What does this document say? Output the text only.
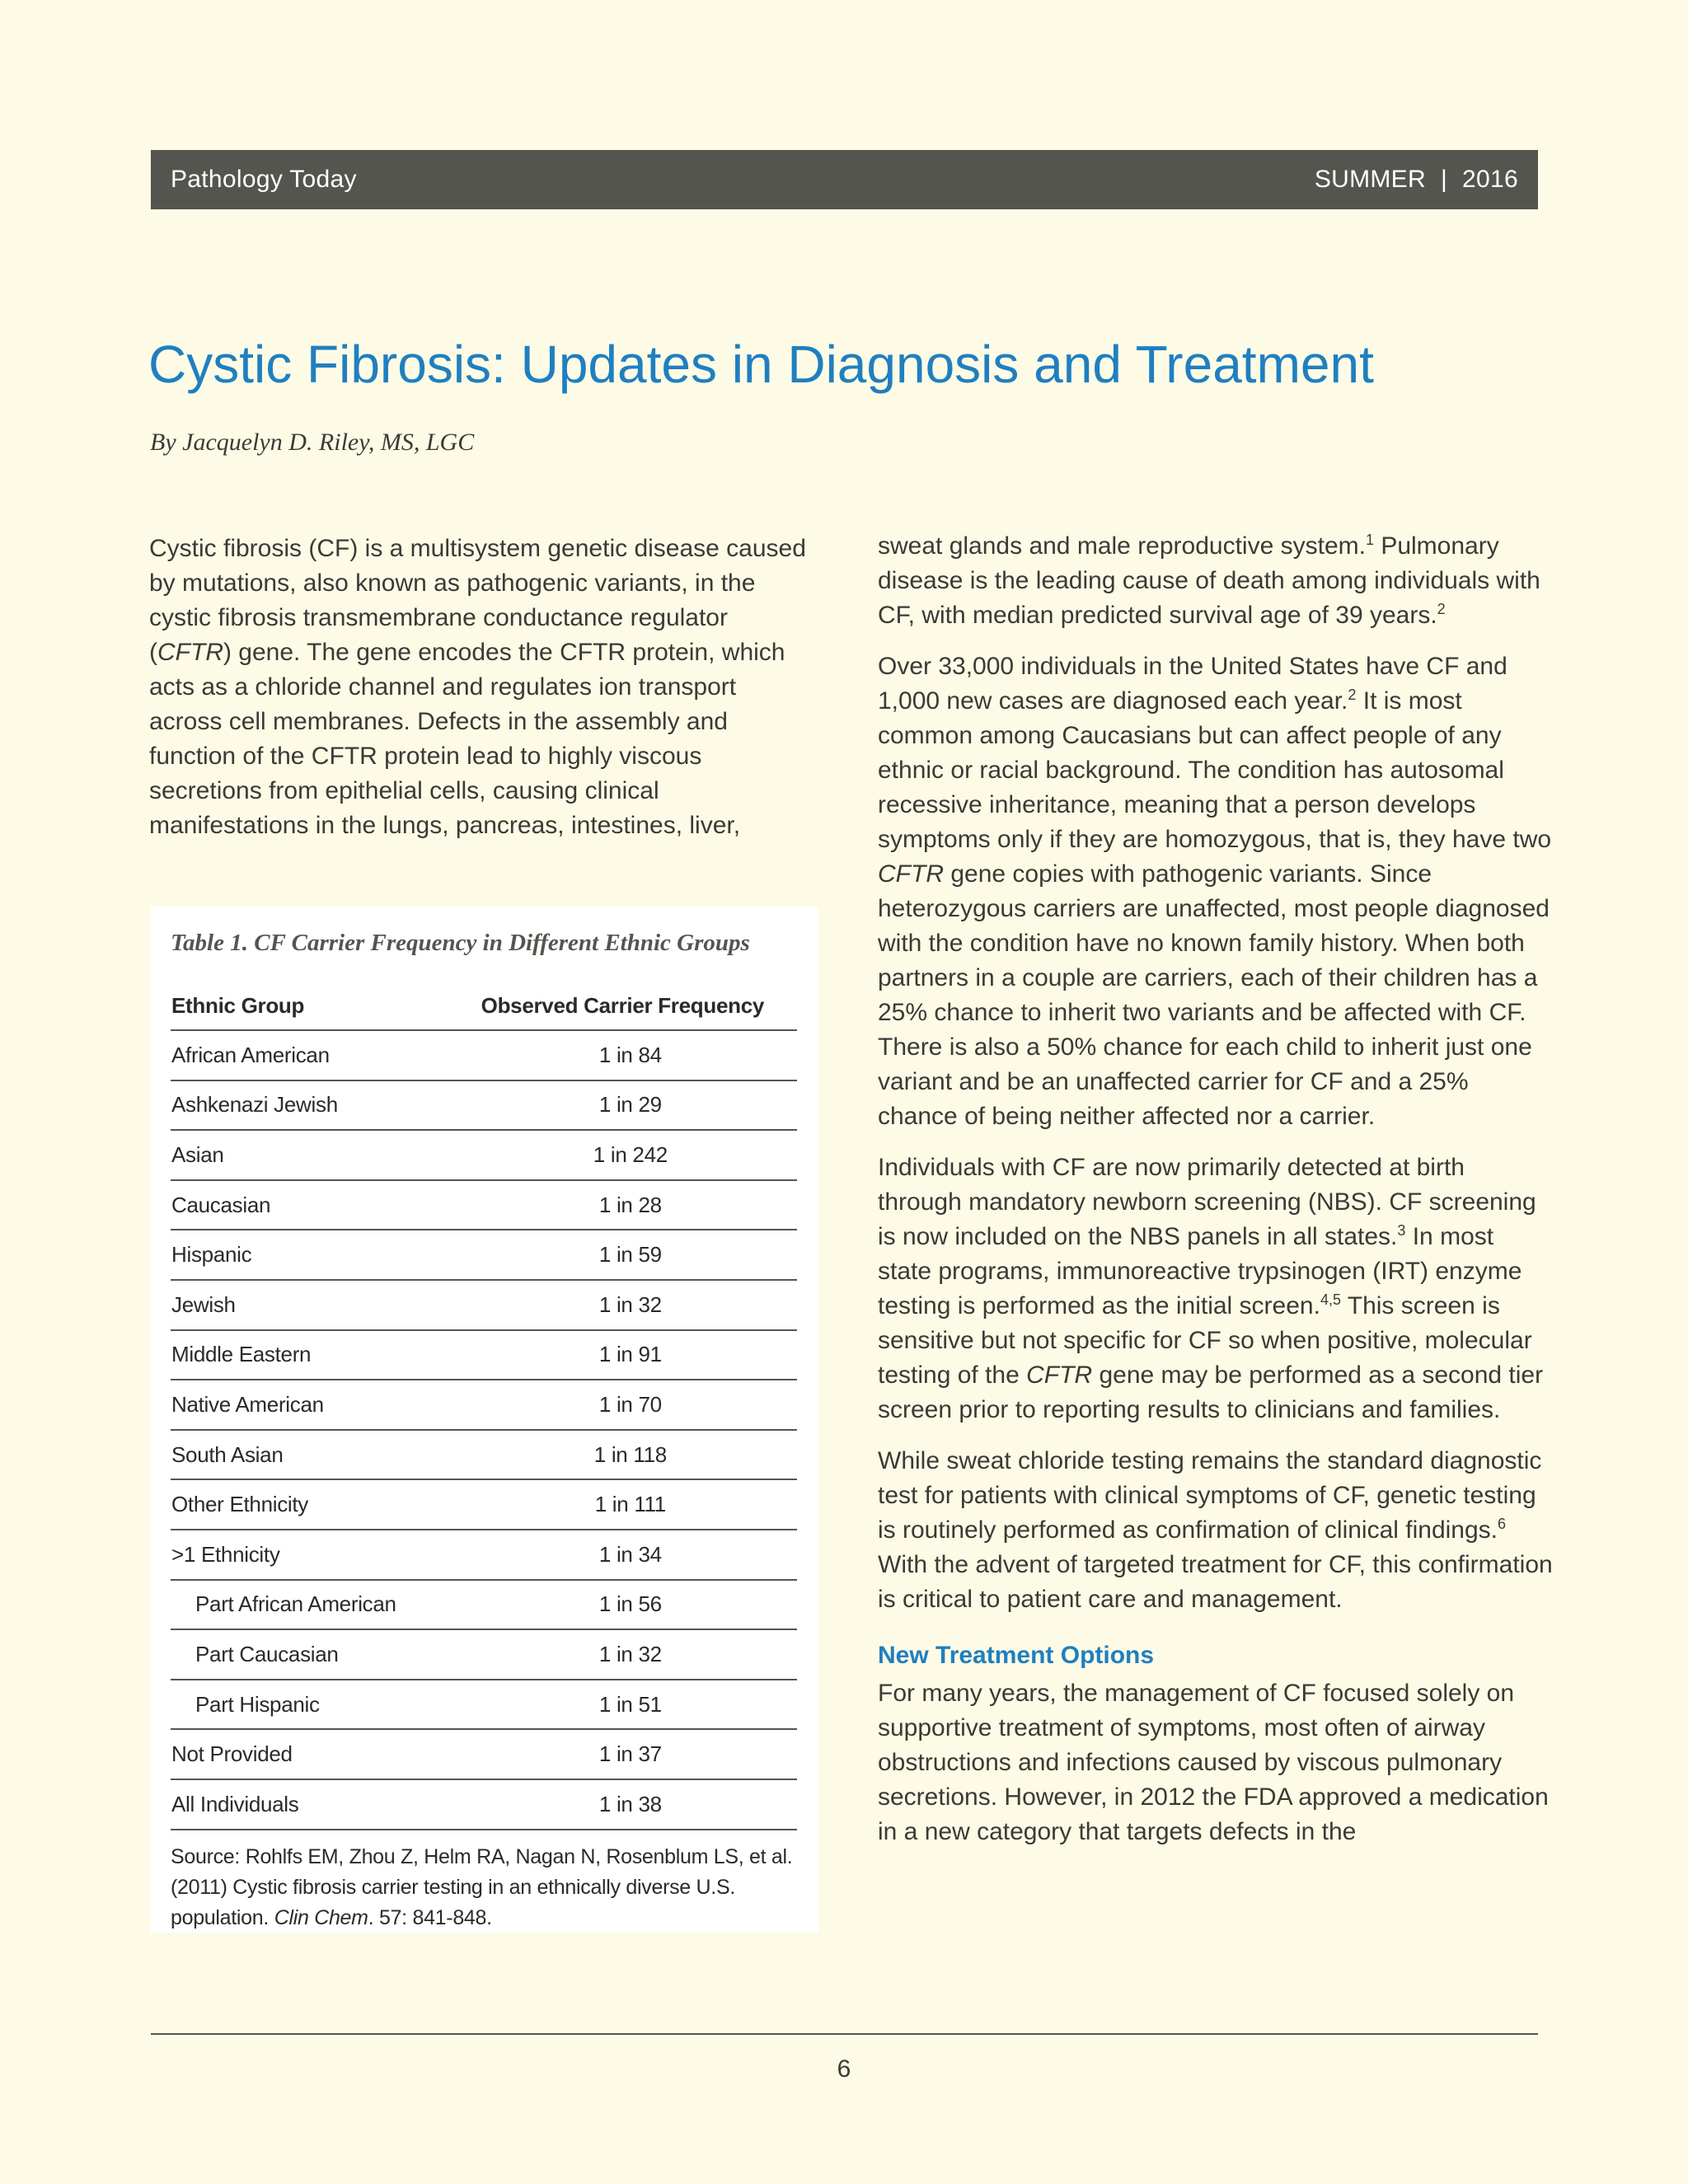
Pathology Today	SUMMER | 2016
Cystic Fibrosis: Updates in Diagnosis and Treatment

By Jacquelyn D. Riley, MS, LGC

Cystic fibrosis (CF) is a multisystem genetic disease caused by mutations, also known as pathogenic variants, in the cystic fibrosis transmembrane conductance regulator (CFTR) gene. The gene encodes the CFTR protein, which acts as a chloride channel and regulates ion transport across cell membranes. Defects in the assembly and function of the CFTR protein lead to highly viscous secretions from epithelial cells, causing clinical manifestations in the lungs, pancreas, intestines, liver,

Table 1. CF Carrier Frequency in Different Ethnic Groups

Ethnic Group	Observed Carrier Frequency
African American	1 in 84
Ashkenazi Jewish	1 in 29
Asian	1 in 242
Caucasian	1 in 28
Hispanic	1 in 59
Jewish	1 in 32
Middle Eastern	1 in 91
Native American	1 in 70
South Asian	1 in 118
Other Ethnicity	1 in 111
>1 Ethnicity	1 in 34
Part African American	1 in 56
Part Caucasian	1 in 32
Part Hispanic	1 in 51
Not Provided	1 in 37
All Individuals	1 in 38

Source: Rohlfs EM, Zhou Z, Helm RA, Nagan N, Rosenblum LS, et al. (2011) Cystic fibrosis carrier testing in an ethnically diverse U.S. population. Clin Chem. 57: 841-848.

sweat glands and male reproductive system.$^1$ Pulmonary disease is the leading cause of death among individuals with CF, with median predicted survival age of 39 years.$^2$

Over 33,000 individuals in the United States have CF and 1,000 new cases are diagnosed each year.$^2$ It is most common among Caucasians but can affect people of any ethnic or racial background. The condition has autosomal recessive inheritance, meaning that a person develops symptoms only if they are homozygous, that is, they have two CFTR gene copies with pathogenic variants. Since heterozygous carriers are unaffected, most people diagnosed with the condition have no known family history. When both partners in a couple are carriers, each of their children has a 25% chance to inherit two variants and be affected with CF. There is also a 50% chance for each child to inherit just one variant and be an unaffected carrier for CF and a 25% chance of being neither affected nor a carrier.

Individuals with CF are now primarily detected at birth through mandatory newborn screening (NBS). CF screening is now included on the NBS panels in all states.$^3$ In most state programs, immunoreactive trypsinogen (IRT) enzyme testing is performed as the initial screen.$^{4,5}$ This screen is sensitive but not specific for CF so when positive, molecular testing of the CFTR gene may be performed as a second tier screen prior to reporting results to clinicians and families.

While sweat chloride testing remains the standard diagnostic test for patients with clinical symptoms of CF, genetic testing is routinely performed as confirmation of clinical findings.$^6$ With the advent of targeted treatment for CF, this confirmation is critical to patient care and management.

New Treatment Options

For many years, the management of CF focused solely on supportive treatment of symptoms, most often of airway obstructions and infections caused by viscous pulmonary secretions. However, in 2012 the FDA approved a medication in a new category that targets defects in the

6
